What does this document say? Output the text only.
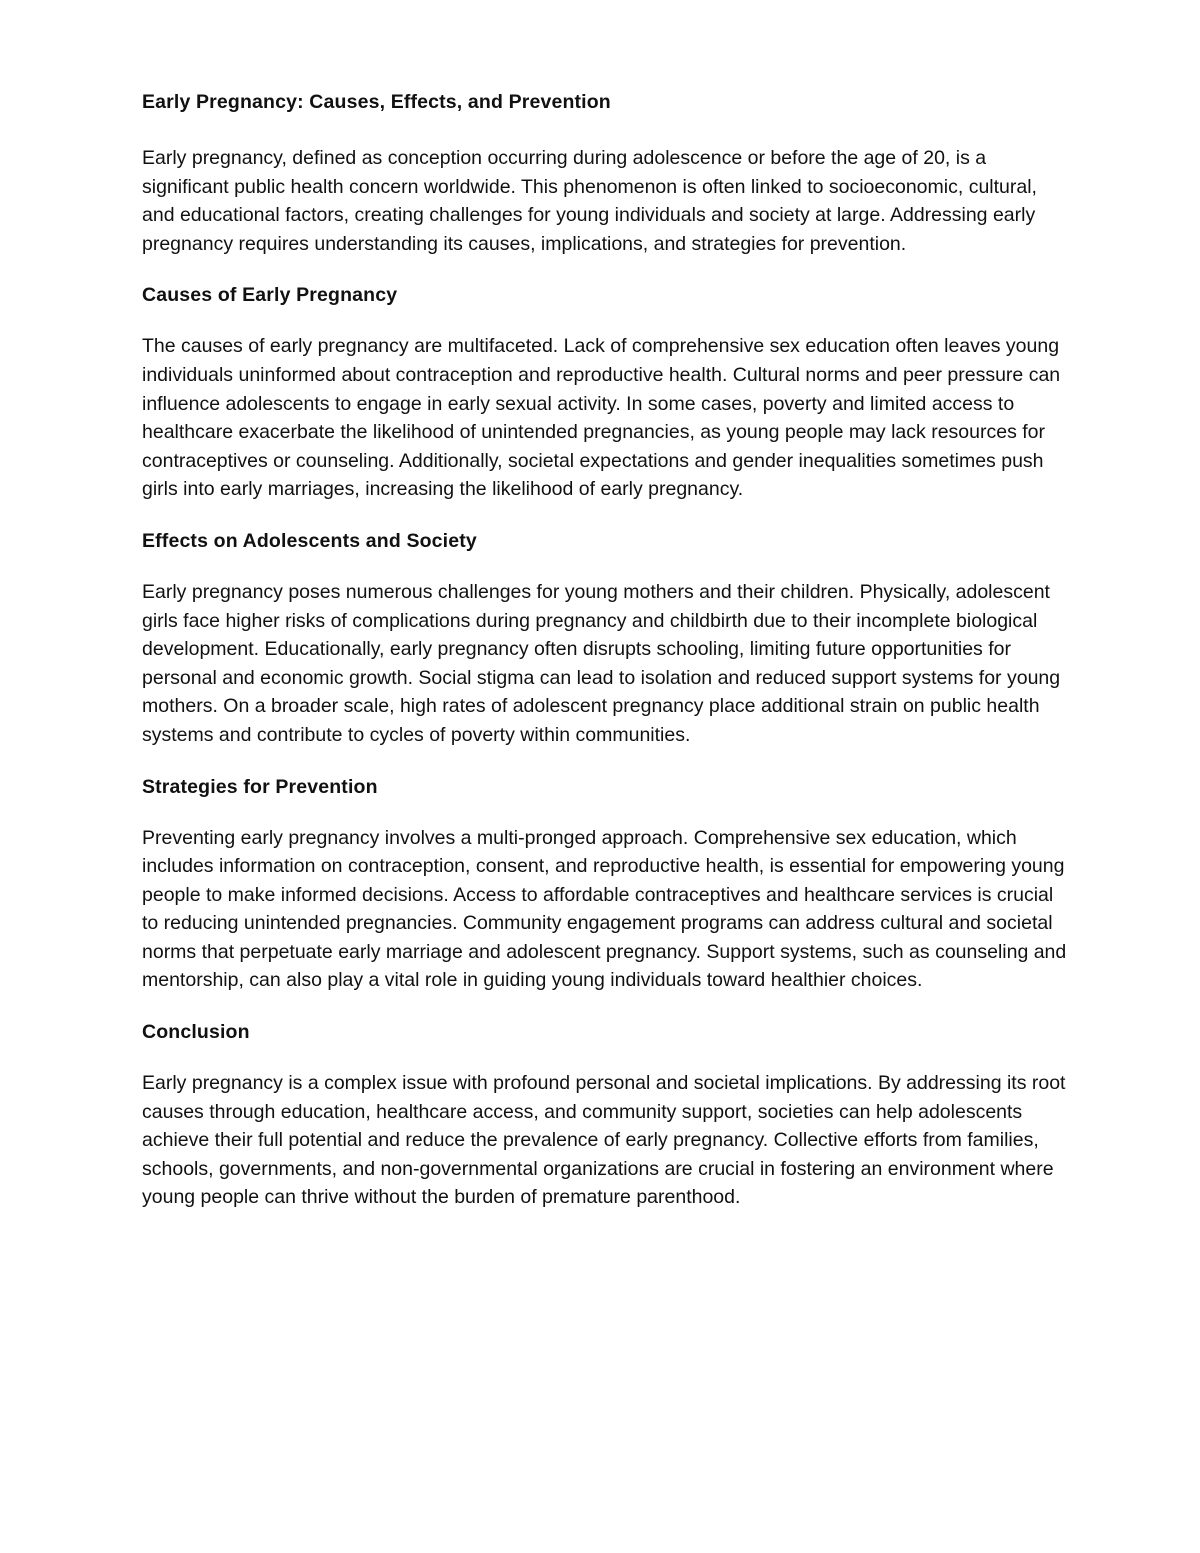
Early Pregnancy: Causes, Effects, and Prevention

Early pregnancy, defined as conception occurring during adolescence or before the age of 20, is a significant public health concern worldwide. This phenomenon is often linked to socioeconomic, cultural, and educational factors, creating challenges for young individuals and society at large. Addressing early pregnancy requires understanding its causes, implications, and strategies for prevention.

Causes of Early Pregnancy

The causes of early pregnancy are multifaceted. Lack of comprehensive sex education often leaves young individuals uninformed about contraception and reproductive health. Cultural norms and peer pressure can influence adolescents to engage in early sexual activity. In some cases, poverty and limited access to healthcare exacerbate the likelihood of unintended pregnancies, as young people may lack resources for contraceptives or counseling. Additionally, societal expectations and gender inequalities sometimes push girls into early marriages, increasing the likelihood of early pregnancy.

Effects on Adolescents and Society

Early pregnancy poses numerous challenges for young mothers and their children. Physically, adolescent girls face higher risks of complications during pregnancy and childbirth due to their incomplete biological development. Educationally, early pregnancy often disrupts schooling, limiting future opportunities for personal and economic growth. Social stigma can lead to isolation and reduced support systems for young mothers. On a broader scale, high rates of adolescent pregnancy place additional strain on public health systems and contribute to cycles of poverty within communities.

Strategies for Prevention

Preventing early pregnancy involves a multi-pronged approach. Comprehensive sex education, which includes information on contraception, consent, and reproductive health, is essential for empowering young people to make informed decisions. Access to affordable contraceptives and healthcare services is crucial to reducing unintended pregnancies. Community engagement programs can address cultural and societal norms that perpetuate early marriage and adolescent pregnancy. Support systems, such as counseling and mentorship, can also play a vital role in guiding young individuals toward healthier choices.

Conclusion

Early pregnancy is a complex issue with profound personal and societal implications. By addressing its root causes through education, healthcare access, and community support, societies can help adolescents achieve their full potential and reduce the prevalence of early pregnancy. Collective efforts from families, schools, governments, and non-governmental organizations are crucial in fostering an environment where young people can thrive without the burden of premature parenthood.
